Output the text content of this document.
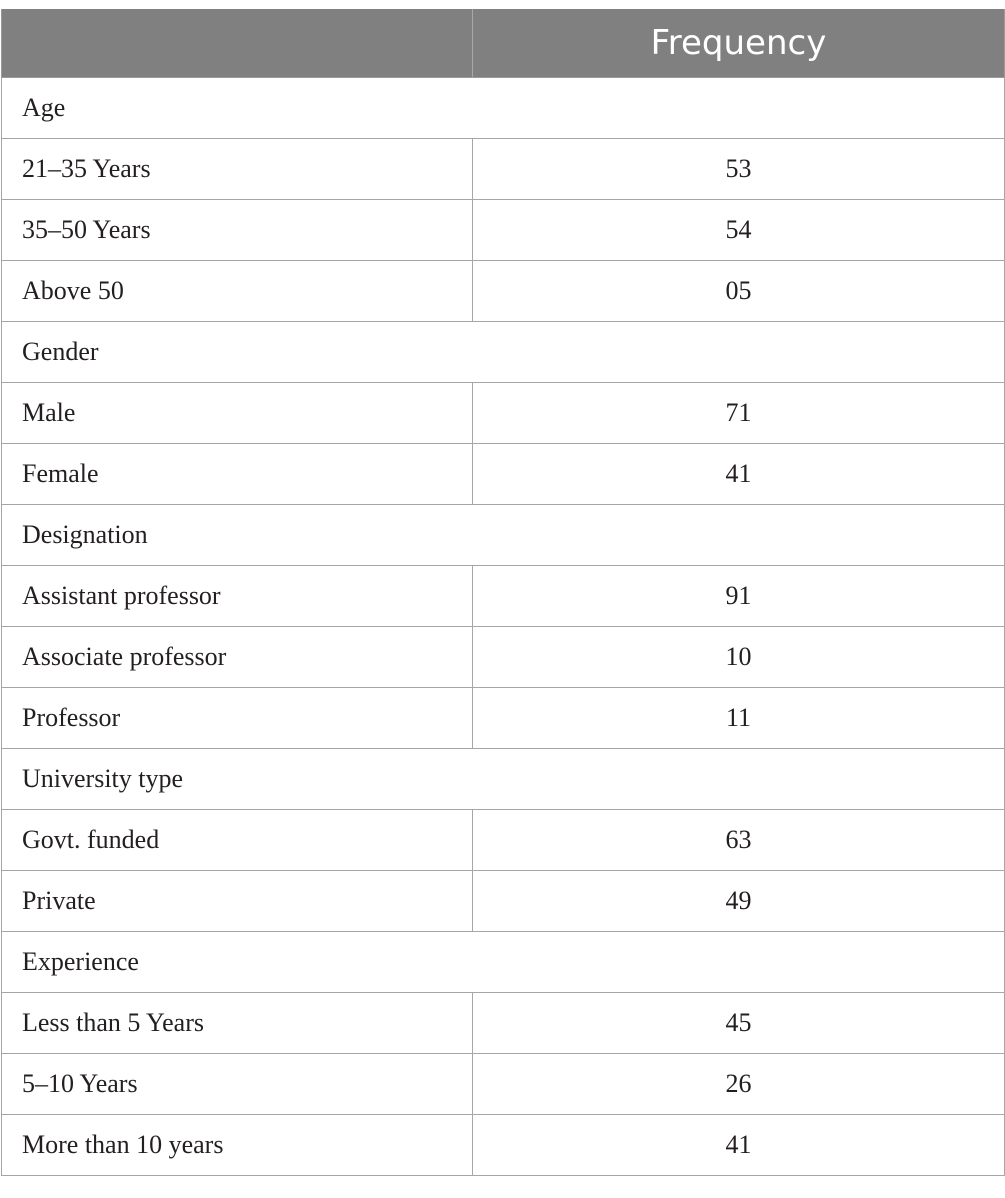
	Frequency
Age	
21–35 Years	53
35–50 Years	54
Above 50	05
Gender	
Male	71
Female	41
Designation	
Assistant professor	91
Associate professor	10
Professor	11
University type	
Govt. funded	63
Private	49
Experience	
Less than 5 Years	45
5–10 Years	26
More than 10 years	41
